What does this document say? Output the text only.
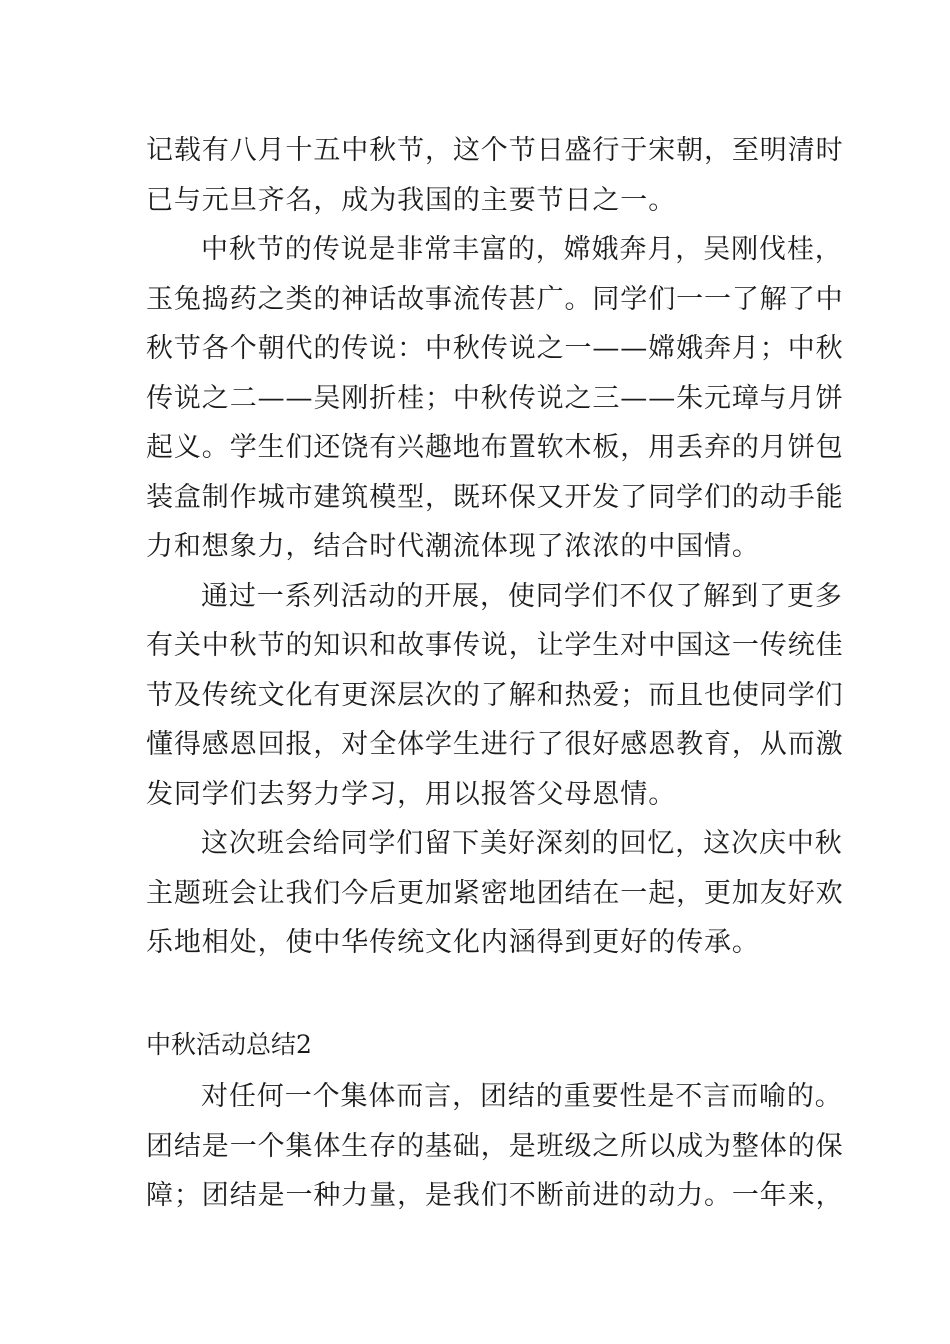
记载有八月十五中秋节，这个节日盛行于宋朝，至明清时
已与元旦齐名，成为我国的主要节日之一。
中秋节的传说是非常丰富的，嫦娥奔月，吴刚伐桂，
玉兔捣药之类的神话故事流传甚广。同学们一一了解了中
秋节各个朝代的传说：中秋传说之一——嫦娥奔月；中秋
传说之二——吴刚折桂；中秋传说之三——朱元璋与月饼
起义。学生们还饶有兴趣地布置软木板，用丢弃的月饼包
装盒制作城市建筑模型，既环保又开发了同学们的动手能
力和想象力，结合时代潮流体现了浓浓的中国情。
通过一系列活动的开展，使同学们不仅了解到了更多
有关中秋节的知识和故事传说，让学生对中国这一传统佳
节及传统文化有更深层次的了解和热爱；而且也使同学们
懂得感恩回报，对全体学生进行了很好感恩教育，从而激
发同学们去努力学习，用以报答父母恩情。
这次班会给同学们留下美好深刻的回忆，这次庆中秋
主题班会让我们今后更加紧密地团结在一起，更加友好欢
乐地相处，使中华传统文化内涵得到更好的传承。
中秋活动总结2
对任何一个集体而言，团结的重要性是不言而喻的。
团结是一个集体生存的基础，是班级之所以成为整体的保
障；团结是一种力量，是我们不断前进的动力。一年来，
